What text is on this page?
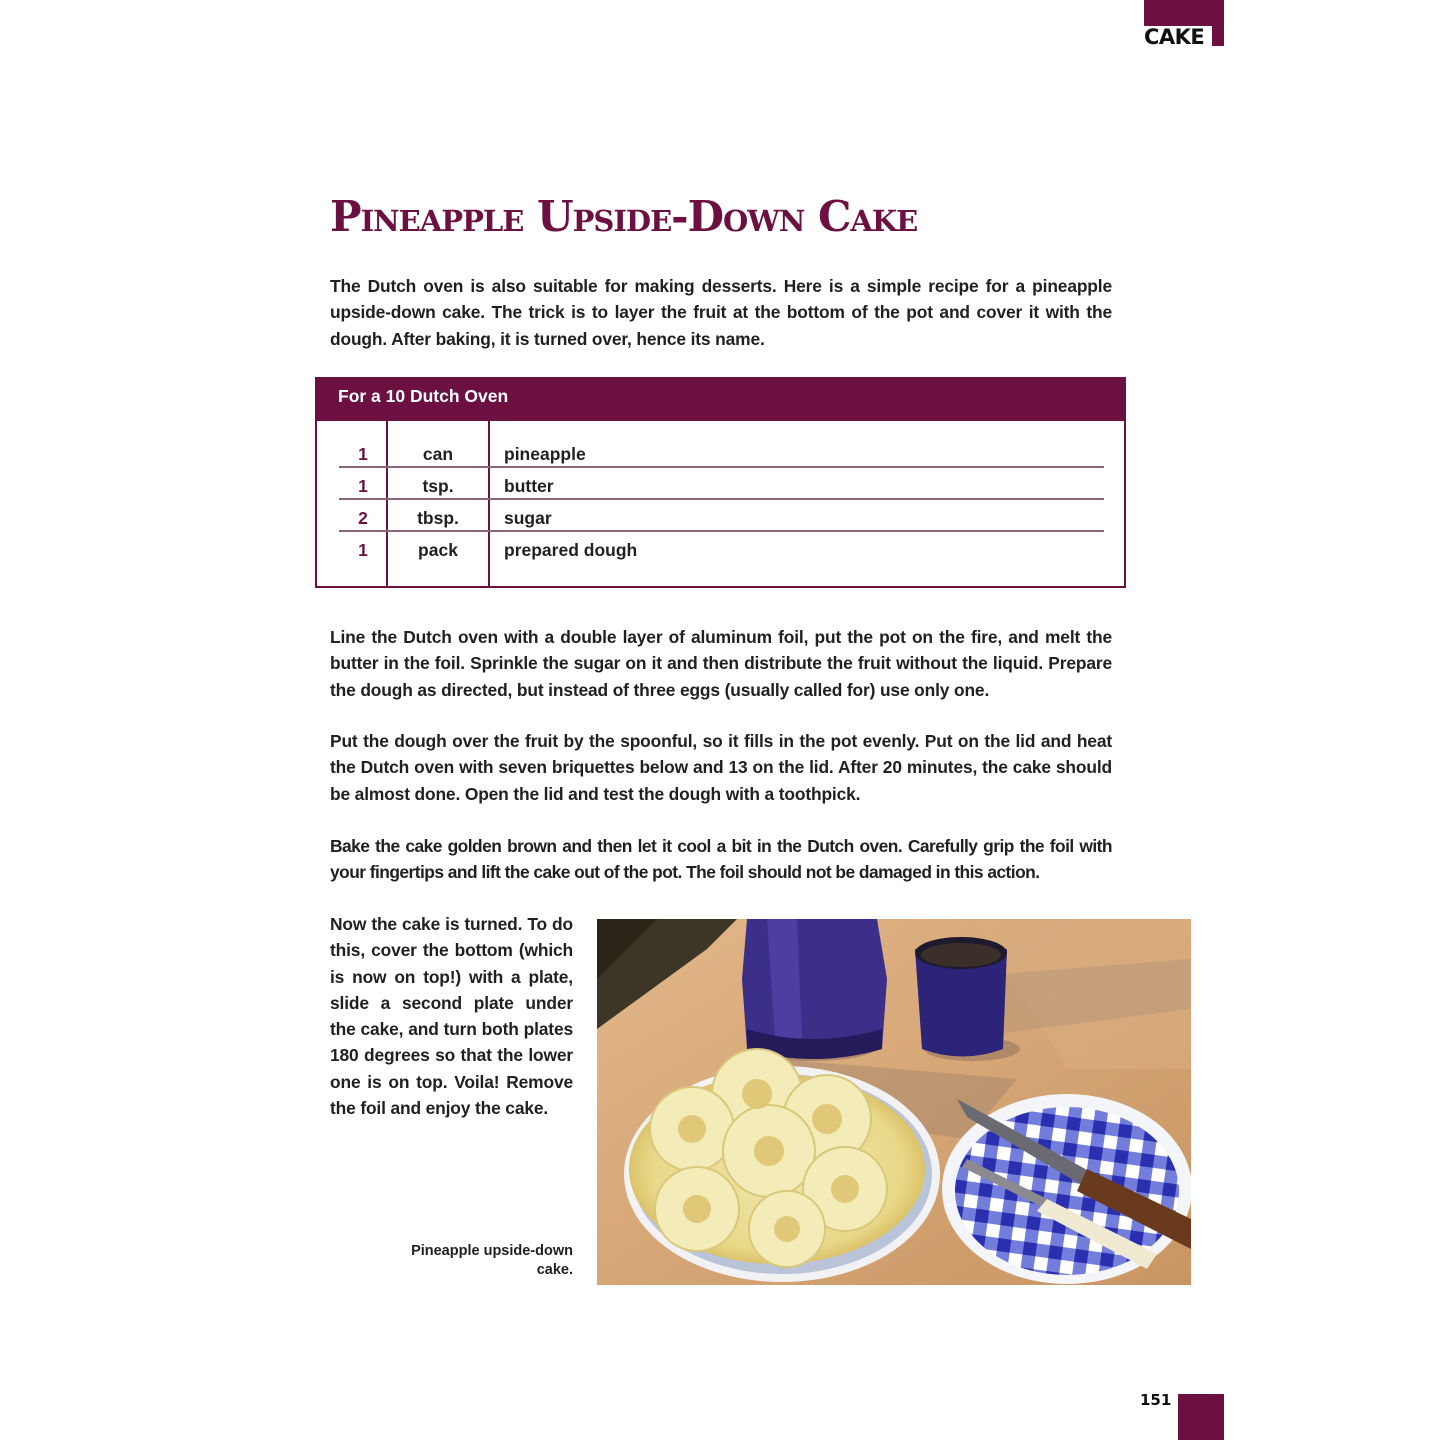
CAKE
Pineapple Upside-Down Cake

The Dutch oven is also suitable for making desserts. Here is a simple recipe for a pineapple upside-down cake. The trick is to layer the fruit at the bottom of the pot and cover it with the dough. After baking, it is turned over, hence its name.

For a 10 Dutch Oven
1	can	pineapple
1	tsp.	butter
2	tbsp.	sugar
1	pack	prepared dough

Line the Dutch oven with a double layer of aluminum foil, put the pot on the fire, and melt the butter in the foil. Sprinkle the sugar on it and then distribute the fruit without the liquid. Prepare the dough as directed, but instead of three eggs (usually called for) use only one.

Put the dough over the fruit by the spoonful, so it fills in the pot evenly. Put on the lid and heat the Dutch oven with seven briquettes below and 13 on the lid. After 20 minutes, the cake should be almost done. Open the lid and test the dough with a toothpick.

Bake the cake golden brown and then let it cool a bit in the Dutch oven. Carefully grip the foil with your fingertips and lift the cake out of the pot. The foil should not be damaged in this action.

Now the cake is turned. To do this, cover the bottom (which is now on top!) with a plate, slide a second plate under the cake, and turn both plates 180 degrees so that the lower one is on top. Voila! Remove the foil and enjoy the cake.

Pineapple upside-down cake.
151
